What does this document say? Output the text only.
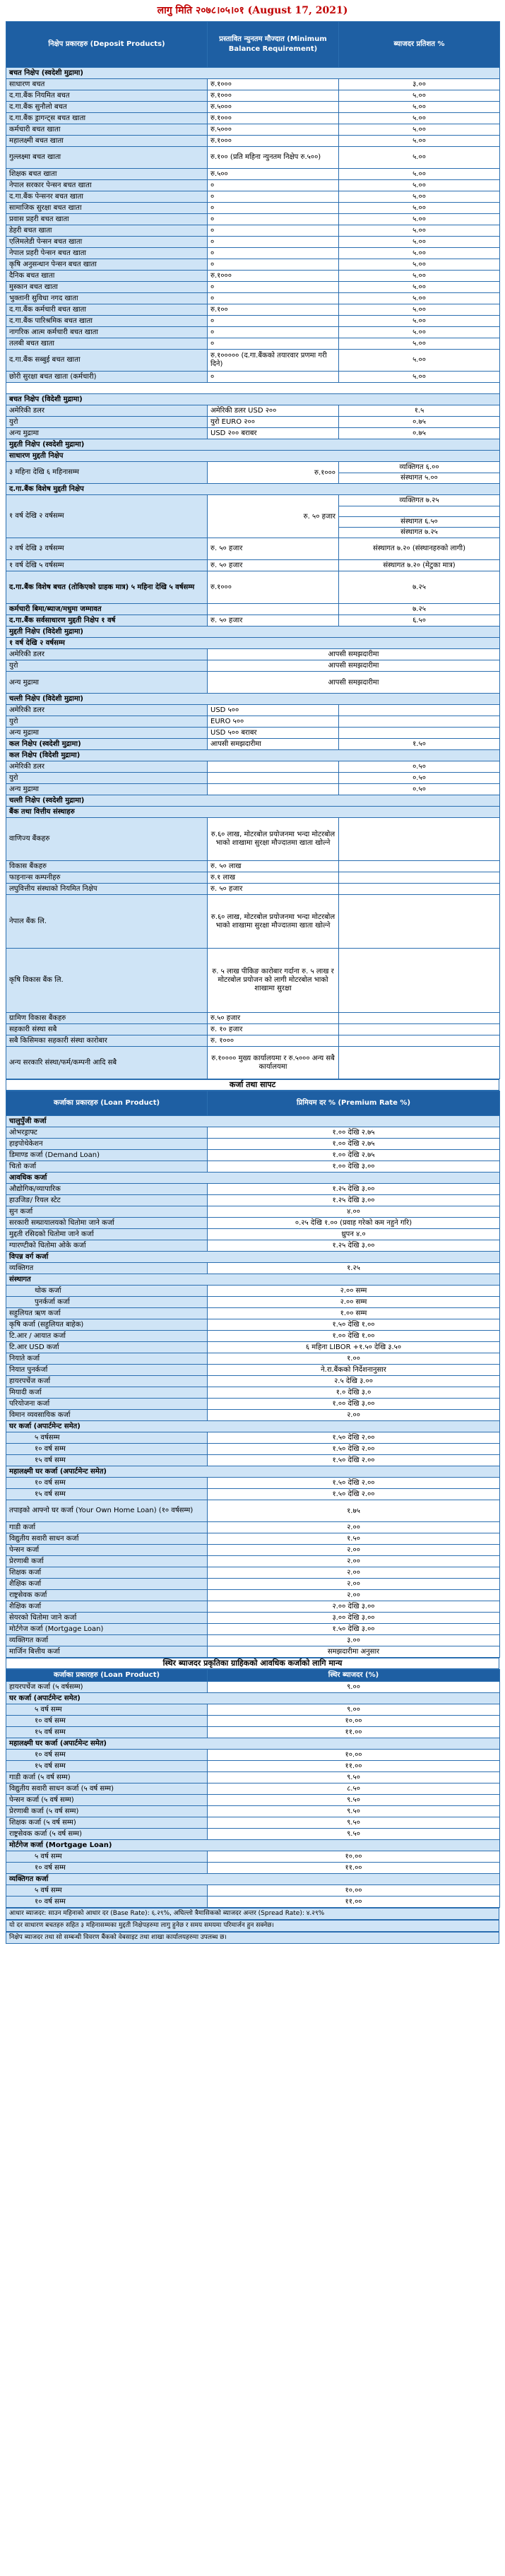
लागु मिति २०७८।०५।०१ (August 17, 2021)
निक्षेप प्रकारहरु (Deposit Products)	प्रस्तावित न्युनतम मौज्दात (Minimum Balance Requirement)	ब्याजदर प्रतिशत %
बचत निक्षेप (स्वदेशी मुद्रामा)		
साधारण बचत	रु.१०००	३.००
द.गा.बैंक नियमित बचत	रु.१०००	५.००
द.गा.बैंक सुनौलो बचत	रु.५०००	५.००
द.गा.बैंक ड्रागन्ट्स बचत खाता	रु.१०००	५.००
कर्मचारी बचत खाता	रु.५०००	५.००
महालक्ष्मी बचत खाता	रु.१०००	५.००
गुल्लक्ष्मा बचत खाता	रु.१०० (प्रति महिना न्युनतम निक्षेप रु.५००)	५.००
शिक्षक बचत खाता	रु.५००	५.००
नेपाल सरकार पेन्सन बचत खाता	०	५.००
द.गा.बैंक पेन्सनर बचत खाता	०	५.००
सामाजिक सुरक्षा बचत खाता	०	५.००
प्रवास प्रहरी बचत खाता	०	५.००
डेहरी बचत खाता	०	५.००
एलिमलेडी पेन्सन बचत खाता	०	५.००
नेपाल प्रहरी पेन्सन बचत खाता	०	५.००
कृषि अनुसन्धान पेन्सन बचत खाता	०	५.००
दैनिक बचत खाता	रु.१०००	५.००
मुस्कान बचत खाता	०	५.००
भुक्तानी सुविधा नगद खाता	०	५.००
द.गा.बैंक कर्मचारी बचत खाता	रु.१००	५.००
द.गा.बैंक पारिश्रमिक बचत खाता	०	५.००
नागरिक आत्म कर्मचारी बचत खाता	०	५.००
तलबी बचत खाता	०	५.००
द.गा.बैंक सब्बुई बचत खाता	रु.१००००० (द.गा.बैंकको तयारवार प्रणमा गरी दिने)	५.००
छोरी सुरक्षा बचत खाता (कर्मचारी)	०	५.००

बचत निक्षेप (विदेशी मुद्रामा)		
अमेरिकी डलर	अमेरिकी डलर USD २००	१.५
युरो	युरो EURO २००	०.७५
अन्य मुद्रामा	USD २०० बराबर	०.७५
मुद्दती निक्षेप (स्वदेशी मुद्रामा)		
साधारण मुद्दती निक्षेप		
३ महिना देखि ६ महिनासम्म	रु.१०००	व्यक्तिगत ६.००
संस्थागत ५.००

द.गा.बैंक विशेष मुद्दती निक्षेप		
१ वर्ष देखि २ वर्षसम्म	रु. ५० हजार	व्यक्तिगत ७.२५
संस्थागत ६.५०
संस्थागत ७.२५

२ वर्ष देखि ३ वर्षसम्म	रु. ५० हजार	संस्थागत ७.२० (संस्थानहरुको लागी)
१ वर्ष देखि ५ वर्षसम्म	रु. ५० हजार	संस्थागत ७.२० (मेटुका मात्र)
द.गा.बैंक विशेष बचत (तोकिएको ग्राहक मात्र) ५ महिना देखि ५ वर्षसम्म	रु.१०००	७.२५
कर्मचारी बिमा/ब्याज/मधुमा जम्मावत		७.२५
द.गा.बैंक सर्वसाधारण मुद्दती निक्षेप १ वर्ष	रु. ५० हजार	६.५०
मुद्दती निक्षेप (विदेशी मुद्रामा)		
१ वर्ष देखि २ वर्षसम्म		
अमेरिकी डलर	आपसी समझदारीमा	
युरो	आपसी समझदारीमा	
अन्य मुद्रामा	आपसी समझदारीमा	
चल्ती निक्षेप (विदेशी मुद्रामा)		
अमेरिकी डलर	USD ५००	
युरो	EURO ५००	
अन्य मुद्रामा	USD ५०० बराबर	
कल निक्षेप (स्वदेशी मुद्रामा)	आपसी समझदारीमा	१.५०
कल निक्षेप (विदेशी मुद्रामा)		
अमेरिकी डलर		०.५०
युरो		०.५०
अन्य मुद्रामा		०.५०
चल्ती निक्षेप (स्वदेशी मुद्रामा)		
बैंक तथा वित्तीय संस्थाहरु		
वाणिज्य बैंकहरु	रु.६० लाख, मोटरबोल प्रयोजनमा भन्दा मोटरबोल भाको शाखामा सुरक्षा मौज्दातमा खाता खोल्ने	
विकास बैंकहरु	रु. ५० लाख	
फाइनान्स कम्पनीहरु	रु.१ लाख	
लघुवित्तीय संस्थाको नियमित निक्षेप	रु. ५० हजार	
नेपाल बैंक लि.	रु.६० लाख, मोटरबोल प्रयोजनमा भन्दा मोटरबोल भाको शाखामा सुरक्षा मौज्दातमा खाता खोल्ने	
कृषि विकास बैंक लि.	रु. ५ लाख पीकिङ कारोबार गर्दाना रु. ५ लाख र मोटरबोल प्रयोजन को लागी मोटरबोल भाको शाखामा सुरक्षा	
ग्रामिण विकास बैंकहरु	रु.५० हजार	
सहकारी संस्था सबै	रु. १० हजार	
सबै किसिमका सहकारी संस्था कारोबार	रु. १०००	
अन्य सरकारि संस्था/फर्म/कम्पनी आदि सबै	रु.१०००० मुख्य कार्यालयमा र रु.५००० अन्य सबै कार्यालयमा	
कर्जा तथा सापट
कर्जाका प्रकारहरु (Loan Product)	प्रिमियम दर % (Premium Rate %)
चालुपुँजी कर्जा	
ओभरड्राफ्ट	१.०० देखि २.७५
हाइपोथेकेशन	१.०० देखि २.७५
डिमाण्ड कर्जा (Demand Loan)	१.०० देखि २.७५
चितो कर्जा	१.०० देखि ३.००
आवधिक कर्जा	
औद्योगिक/व्यापारिक	१.२५ देखि ३.००
हाउजिङ/ रियल स्टेट	१.२५ देखि ३.००
सुन कर्जा	४.००
सरकारी सम्प्रायालयको धितोमा जाने कर्जा	०.२५ देखि १.०० (प्रवाह गरेको कम नहुने गरि)
मुद्दती रसिदको धितोमा जाने कर्जा	थ्रुपन ४.०
ग्यारण्टीको धितोमा ओके कर्जा	१.२५ देखि ३.००
विपन्न वर्ग कर्जा	
व्यक्तिगत	१.२५
संस्थागत	
थोक कर्जा	२.०० सम्म
पुनर्कर्जा कर्जा	२.०० सम्म
सहुलियत ऋण कर्जा	१.०० सम्म
कृषि कर्जा (सहुलियत बाहेक)	१.५० देखि १.००
टि.आर / आयात कर्जा	१.०० देखि १.००
टि.आर USD कर्जा	६ महिना LIBOR +१.५० देखि ३.५०
नियाते कर्जा	१.००
नियात पुनर्कर्जा	ने.रा.बैंकको निर्देशनानुसार
हायरपर्चेज कर्जा	२.५ देखि ३.००
मियादी कर्जा	१.० देखि ३.०
परियोजना कर्जा	१.०० देखि ३.००
विमान व्यवसायिक कर्जा	२.००
घर कर्जा (अपार्टमेन्ट समेत)	
५ वर्षसम्म	१.५० देखि २.००
१० वर्ष सम्म	१.५० देखि २.००
१५ वर्ष सम्म	१.५० देखि २.००
महालक्ष्मी घर कर्जा (अपार्टमेन्ट समेत)	
१० वर्ष सम्म	१.५० देखि २.००
१५ वर्ष सम्म	१.५० देखि २.००
तपाइको आफ्नो घर कर्जा (Your Own Home Loan) (१० वर्षसम्म)	१.७५
गाडी कर्जा	२.००
विद्युतीय सवारी साधन कर्जा	१.५०
पेन्सन कर्जा	२.००
प्रेरणाबी कर्जा	२.००
शिक्षक कर्जा	२.००
शैक्षिक कर्जा	२.००
राष्ट्रसेवक कर्जा	२.००
शैक्षिक कर्जा	२.०० देखि ३.००
सेयरको धितोमा जाने कर्जा	३.०० देखि ३.००
मोर्टगेज कर्जा (Mortgage Loan)	१.५० देखि ३.००
व्यक्तिगत कर्जा	३.००
मार्जिन बित्तीय कर्जा	समझदारीमा अनुसार
स्थिर ब्याजदर प्रकृतिका ग्राहिकको आवधिक कर्जाको लागि मान्य
कर्जाका प्रकारहरु (Loan Product)	स्थिर ब्याजदर (%)
हायरपर्चेज कर्जा (५ वर्षसम्म)	९.००
घर कर्जा (अपार्टमेन्ट समेत)	
५ वर्ष सम्म	९.००
१० वर्ष सम्म	१०.००
१५ वर्ष सम्म	११.००
महालक्ष्मी घर कर्जा (अपार्टमेन्ट समेत)	
१० वर्ष सम्म	१०.००
१५ वर्ष सम्म	११.००
गाडी कर्जा (५ वर्ष सम्म)	९.५०
विद्युतीय सवारी साधन कर्जा (५ वर्ष सम्म)	८.५०
पेन्सन कर्जा (५ वर्ष सम्म)	९.५०
प्रेरणाबी कर्जा (५ वर्ष सम्म)	९.५०
शिक्षक कर्जा (५ वर्ष सम्म)	९.५०
राष्ट्रसेवक कर्जा (५ वर्ष सम्म)	९.५०
मोर्टगेज कर्जा (Mortgage Loan)	
५ वर्ष सम्म	१०.००
१० वर्ष सम्म	११.००
व्यक्तिगत कर्जा	
५ वर्ष सम्म	१०.००
१० वर्ष सम्म	११.००
आधार ब्याजदर: साउन महिनाको आधार दर (Base Rate): ६.२९%, अघिल्लो त्रैमासिकको ब्याजदर अन्तर (Spread Rate): ४.२९%
यो दर साधारण बचतहरु सहित ३ महिनासम्मका मुद्दती निक्षेपहरुमा लागु हुनेछ र समय समयमा परिमार्जन हुन सक्नेछ।
निक्षेप ब्याजदर तथा सो सम्बन्धी विवरण बैंकको वेबसाइट तथा शाखा कार्यालयहरुमा उपलब्ध छ।
